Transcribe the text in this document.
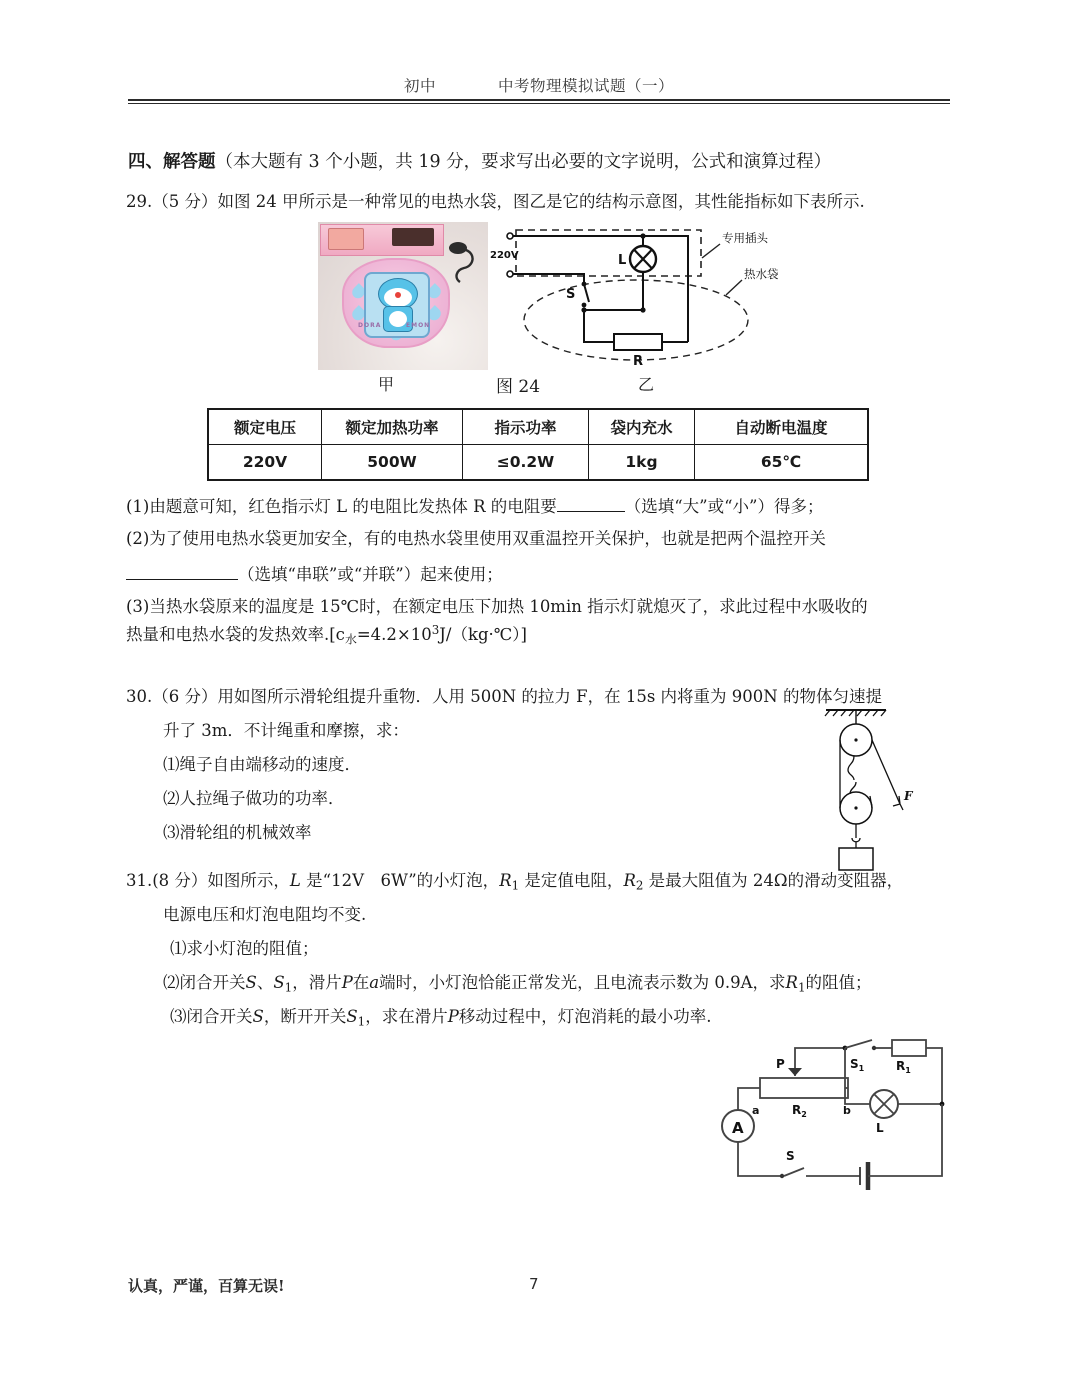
初中	中考物理模拟试题（一）
四、解答题（本大题有 3 个小题，共 19 分，要求写出必要的文字说明，公式和演算过程）
29.（5 分）如图 24 甲所示是一种常见的电热水袋，图乙是它的结构示意图，其性能指标如下表所示.
DORA	EMON
220V	L
S
R
专用插头
热水袋
甲	图 24	乙
额定电压	额定加热功率	指示功率	袋内充水	自动断电温度
220V	500W	≤0.2W	1kg	65℃
(1)由题意可知，红色指示灯 L 的电阻比发热体 R 的电阻要	（选填“大”或“小”）得多；
(2)为了使用电热水袋更加安全，有的电热水袋里使用双重温控开关保护，也就是把两个温控开关
（选填“串联”或“并联”）起来使用；
(3)当热水袋原来的温度是 15℃时，在额定电压下加热 10min 指示灯就熄灭了，求此过程中水吸收的
热量和电热水袋的发热效率$.[c_水=4.2\times 10^3J/(kg\cdot℃)]$
30.（6 分）用如图所示滑轮组提升重物．人用 500N 的拉力 F，在 15s 内将重为 900N 的物体匀速提
升了 3m．不计绳重和摩擦，求：
⑴绳子自由端移动的速度．
⑵人拉绳子做功的功率．
⑶滑轮组的机械效率
F
31.(8 分）如图所示，L 是“12V　6W”的小灯泡，$R_1$ 是定值电阻，$R_2$ 是最大阻值为 24Ω的滑动变阻器，
电源电压和灯泡电阻均不变.
⑴求小灯泡的阻值；
⑵闭合开关S、$S_1$，滑片P在a端时，小灯泡恰能正常发光，且电流表示数为 0.9A，求$R_1$的阻值；
⑶闭合开关S，断开开关$S_1$，求在滑片P移动过程中，灯泡消耗的最小功率.
P	$S_1$	$R_1$
L
a	b
$R_2$
A
S
认真，严谨，百算无误!	7
